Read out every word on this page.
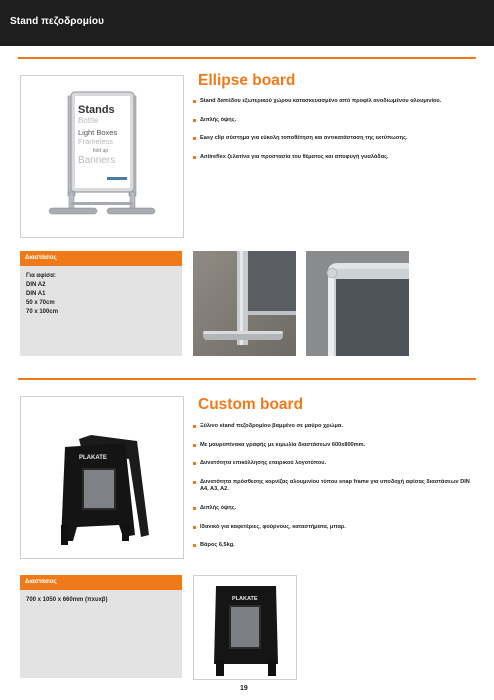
Stand πεζοδρομίου
Stands
Bottle
Light Boxes
Frameless
fold up
Banners
Ellipse board
Stand δαπέδου εξωτερικού χώρου κατασκευασμένο από προφίλ ανοδιωμένου αλουμινίου.
Διπλής όψης.
Easy clip σύστημα για εύκολη τοποθέτηση και αντικατάσταση της εκτύπωσης.
Antireflex ζελατίνα για προστασία του θέματος και αποφυγή γυαλάδας.
Διαστάσεις
Για αφίσα:
DIN A2
DIN A1
50 x 70cm
70 x 100cm
PLAKATE
Custom board
Ξύλινο stand πεζοδρομίου βαμμένο σε μαύρο χρώμα.
Με μαυροπίνακα γραφής με κιμωλία διαστάσεων 600x800mm.
Δυνατότητα επικόλλησης εταιρικού λογοτύπου.
Δυνατότητα πρόσθεσης κορνίζας αλουμινίου τύπου snap frame για υποδοχή αφίσας διαστάσεων DIN A4, A3, A2.
Διπλής όψης.
Ιδανικό για καφετέριες, φούρνους, καταστήματα, μπαρ.
Βάρος 6,5kg.
Διαστάσεις
700 x 1050 x 660mm (πxυxβ)	PLAKATE
19
